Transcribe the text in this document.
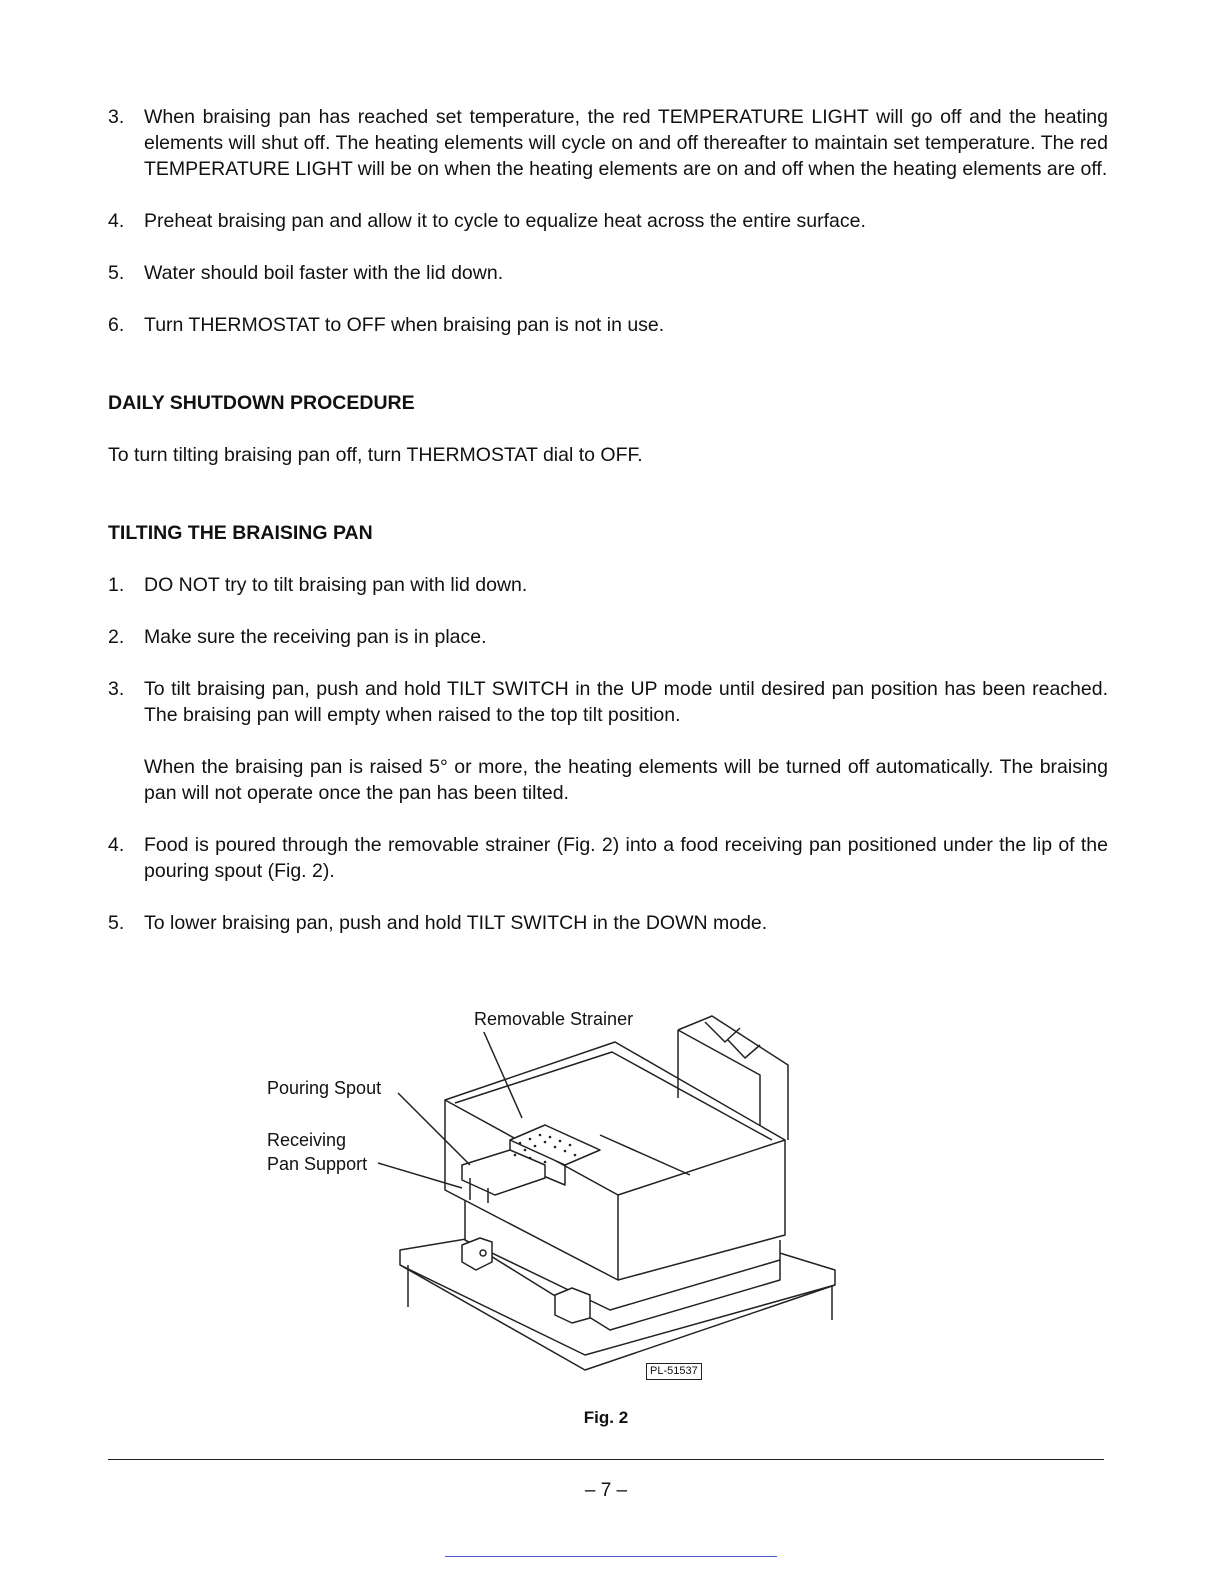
3. When braising pan has reached set temperature, the red TEMPERATURE LIGHT will go off and the heating elements will shut off. The heating elements will cycle on and off thereafter to maintain set temperature. The red TEMPERATURE LIGHT will be on when the heating elements are on and off when the heating elements are off.

4. Preheat braising pan and allow it to cycle to equalize heat across the entire surface.

5. Water should boil faster with the lid down.

6. Turn THERMOSTAT to OFF when braising pan is not in use.

DAILY SHUTDOWN PROCEDURE
To turn tilting braising pan off, turn THERMOSTAT dial to OFF.
TILTING THE BRAISING PAN
1. DO NOT try to tilt braising pan with lid down.

2. Make sure the receiving pan is in place.

3. To tilt braising pan, push and hold TILT SWITCH in the UP mode until desired pan position has been reached. The braising pan will empty when raised to the top tilt position.

When the braising pan is raised 5° or more, the heating elements will be turned off automatically. The braising pan will not operate once the pan has been tilted.

4. Food is poured through the removable strainer (Fig. 2) into a food receiving pan positioned under the lip of the pouring spout (Fig. 2).

5. To lower braising pan, push and hold TILT SWITCH in the DOWN mode.

Removable Strainer
Pouring Spout
Receiving
Pan Support
PL-51537
Fig. 2
– 7 –
